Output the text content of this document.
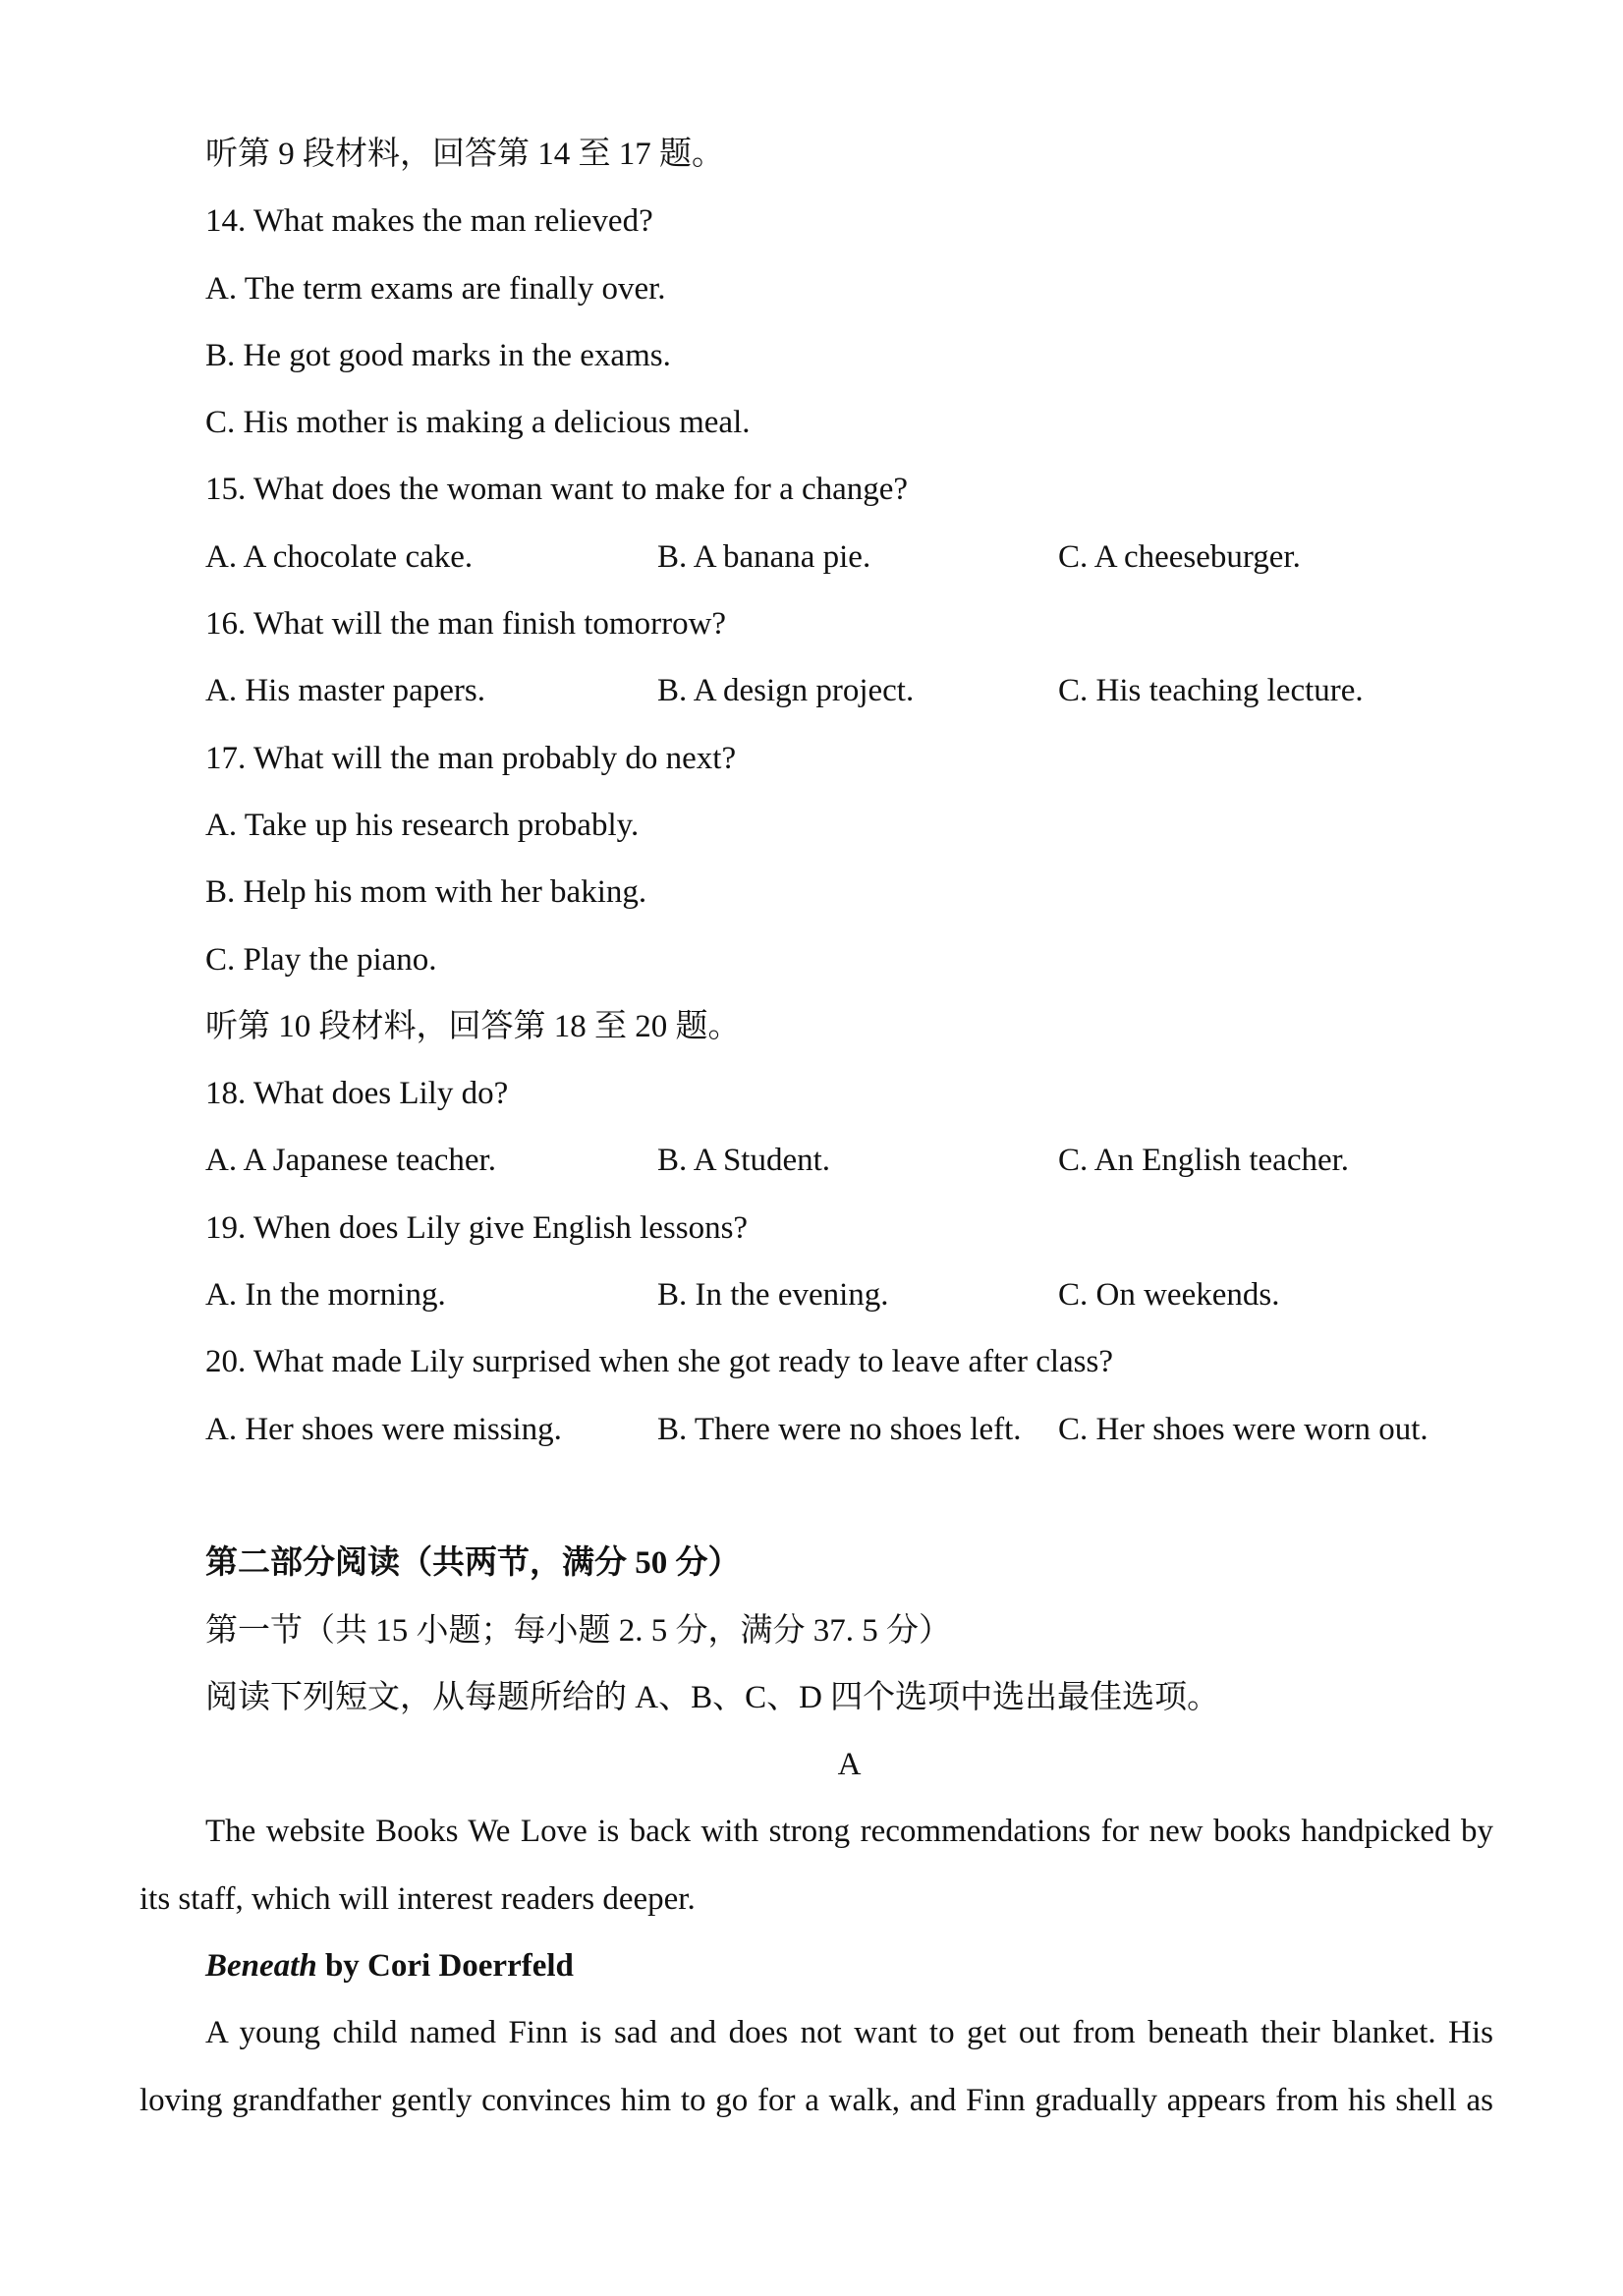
听第 9 段材料，回答第 14 至 17 题。
14. What makes the man relieved?
A. The term exams are finally over.
B. He got good marks in the exams.
C. His mother is making a delicious meal.
15. What does the woman want to make for a change?
A. A chocolate cake.	B. A banana pie.	C. A cheeseburger.
16. What will the man finish tomorrow?
A. His master papers.	B. A design project.	C. His teaching lecture.
17. What will the man probably do next?
A. Take up his research probably.
B. Help his mom with her baking.
C. Play the piano.
听第 10 段材料，回答第 18 至 20 题。
18. What does Lily do?
A. A Japanese teacher.	B. A Student.	C. An English teacher.
19. When does Lily give English lessons?
A. In the morning.	B. In the evening.	C. On weekends.
20. What made Lily surprised when she got ready to leave after class?
A. Her shoes were missing.	B. There were no shoes left.	C. Her shoes were worn out.
第二部分阅读（共两节，满分 50 分）
第一节（共 15 小题；每小题 2. 5 分，满分 37. 5 分）
阅读下列短文，从每题所给的 A、B、C、D 四个选项中选出最佳选项。
A
The website Books We Love is back with strong recommendations for new books handpicked by its staff, which will interest readers deeper.
Beneath by Cori Doerrfeld
A young child named Finn is sad and does not want to get out from beneath their blanket. His loving grandfather gently convinces him to go for a walk, and Finn gradually appears from his shell as
